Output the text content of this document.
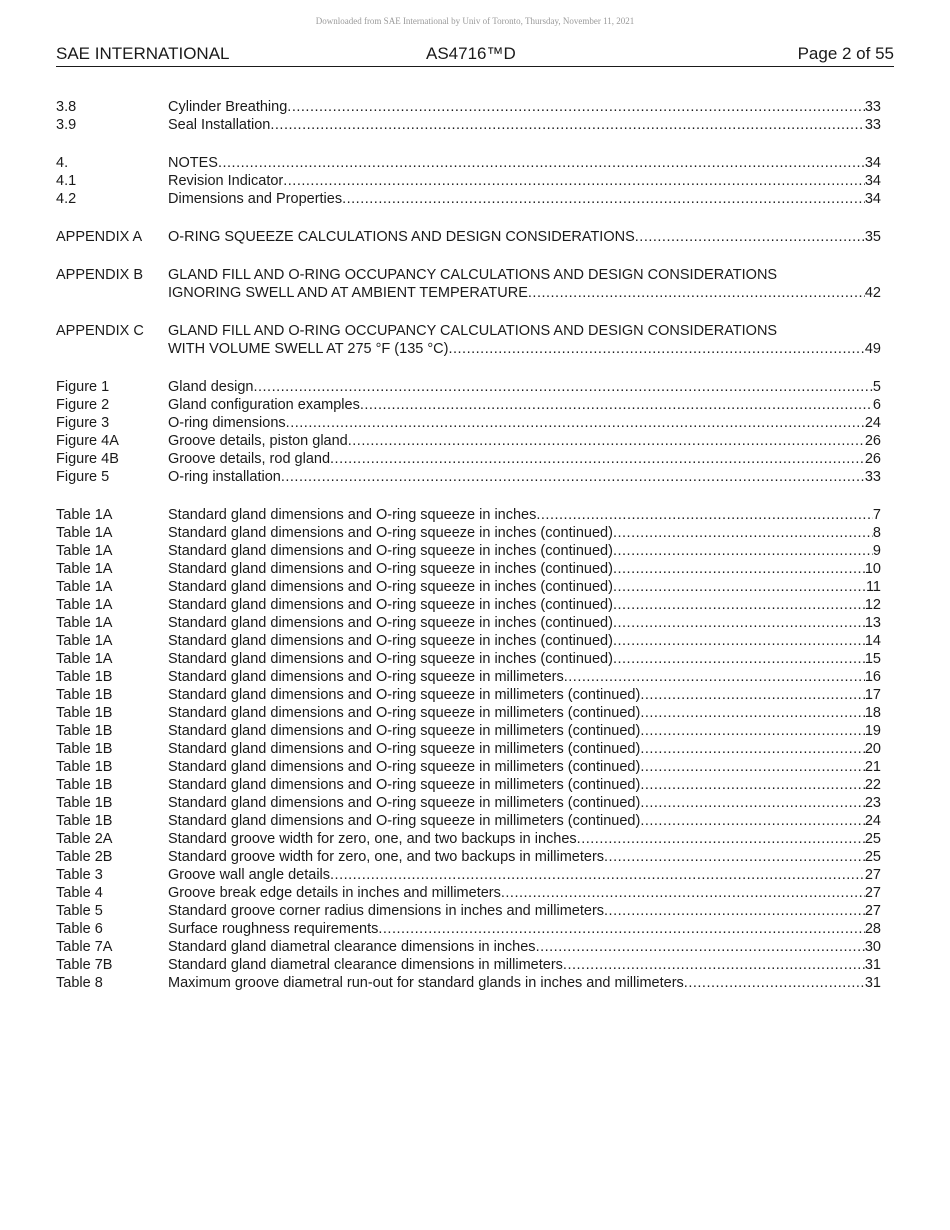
Downloaded from SAE International by Univ of Toronto, Thursday, November 11, 2021
SAE INTERNATIONAL	AS4716™D	Page 2 of 55
3.8	Cylinder Breathing .....	33
3.9	Seal Installation .....	33
4.	NOTES .....	34
4.1	Revision Indicator .....	34
4.2	Dimensions and Properties .....	34
APPENDIX A O-RING SQUEEZE CALCULATIONS AND DESIGN CONSIDERATIONS .....	35
APPENDIX B GLAND FILL AND O-RING OCCUPANCY CALCULATIONS AND DESIGN CONSIDERATIONS
IGNORING SWELL AND AT AMBIENT TEMPERATURE .....	42
APPENDIX C GLAND FILL AND O-RING OCCUPANCY CALCULATIONS AND DESIGN CONSIDERATIONS
WITH VOLUME SWELL AT 275 °F (135 °C) .....	49
Figure 1	Gland design .....	5
Figure 2	Gland configuration examples .....	6
Figure 3	O-ring dimensions .....	24
Figure 4A	Groove details, piston gland .....	26
Figure 4B	Groove details, rod gland .....	26
Figure 5	O-ring installation .....	33
Table 1A	Standard gland dimensions and O-ring squeeze in inches .....	7
Table 1A	Standard gland dimensions and O-ring squeeze in inches (continued) .....	8
Table 1A	Standard gland dimensions and O-ring squeeze in inches (continued) .....	9
Table 1A	Standard gland dimensions and O-ring squeeze in inches (continued) .....	10
Table 1A	Standard gland dimensions and O-ring squeeze in inches (continued) .....	11
Table 1A	Standard gland dimensions and O-ring squeeze in inches (continued) .....	12
Table 1A	Standard gland dimensions and O-ring squeeze in inches (continued) .....	13
Table 1A	Standard gland dimensions and O-ring squeeze in inches (continued) .....	14
Table 1A	Standard gland dimensions and O-ring squeeze in inches (continued) .....	15
Table 1B	Standard gland dimensions and O-ring squeeze in millimeters .....	16
Table 1B	Standard gland dimensions and O-ring squeeze in millimeters (continued) .....	17
Table 1B	Standard gland dimensions and O-ring squeeze in millimeters (continued) .....	18
Table 1B	Standard gland dimensions and O-ring squeeze in millimeters (continued) .....	19
Table 1B	Standard gland dimensions and O-ring squeeze in millimeters (continued) .....	20
Table 1B	Standard gland dimensions and O-ring squeeze in millimeters (continued) .....	21
Table 1B	Standard gland dimensions and O-ring squeeze in millimeters (continued) .....	22
Table 1B	Standard gland dimensions and O-ring squeeze in millimeters (continued) .....	23
Table 1B	Standard gland dimensions and O-ring squeeze in millimeters (continued) .....	24
Table 2A	Standard groove width for zero, one, and two backups in inches .....	25
Table 2B	Standard groove width for zero, one, and two backups in millimeters .....	25
Table 3	Groove wall angle details .....	27
Table 4	Groove break edge details in inches and millimeters .....	27
Table 5	Standard groove corner radius dimensions in inches and millimeters .....	27
Table 6	Surface roughness requirements .....	28
Table 7A	Standard gland diametral clearance dimensions in inches .....	30
Table 7B	Standard gland diametral clearance dimensions in millimeters .....	31
Table 8	Maximum groove diametral run-out for standard glands in inches and millimeters .....	31
